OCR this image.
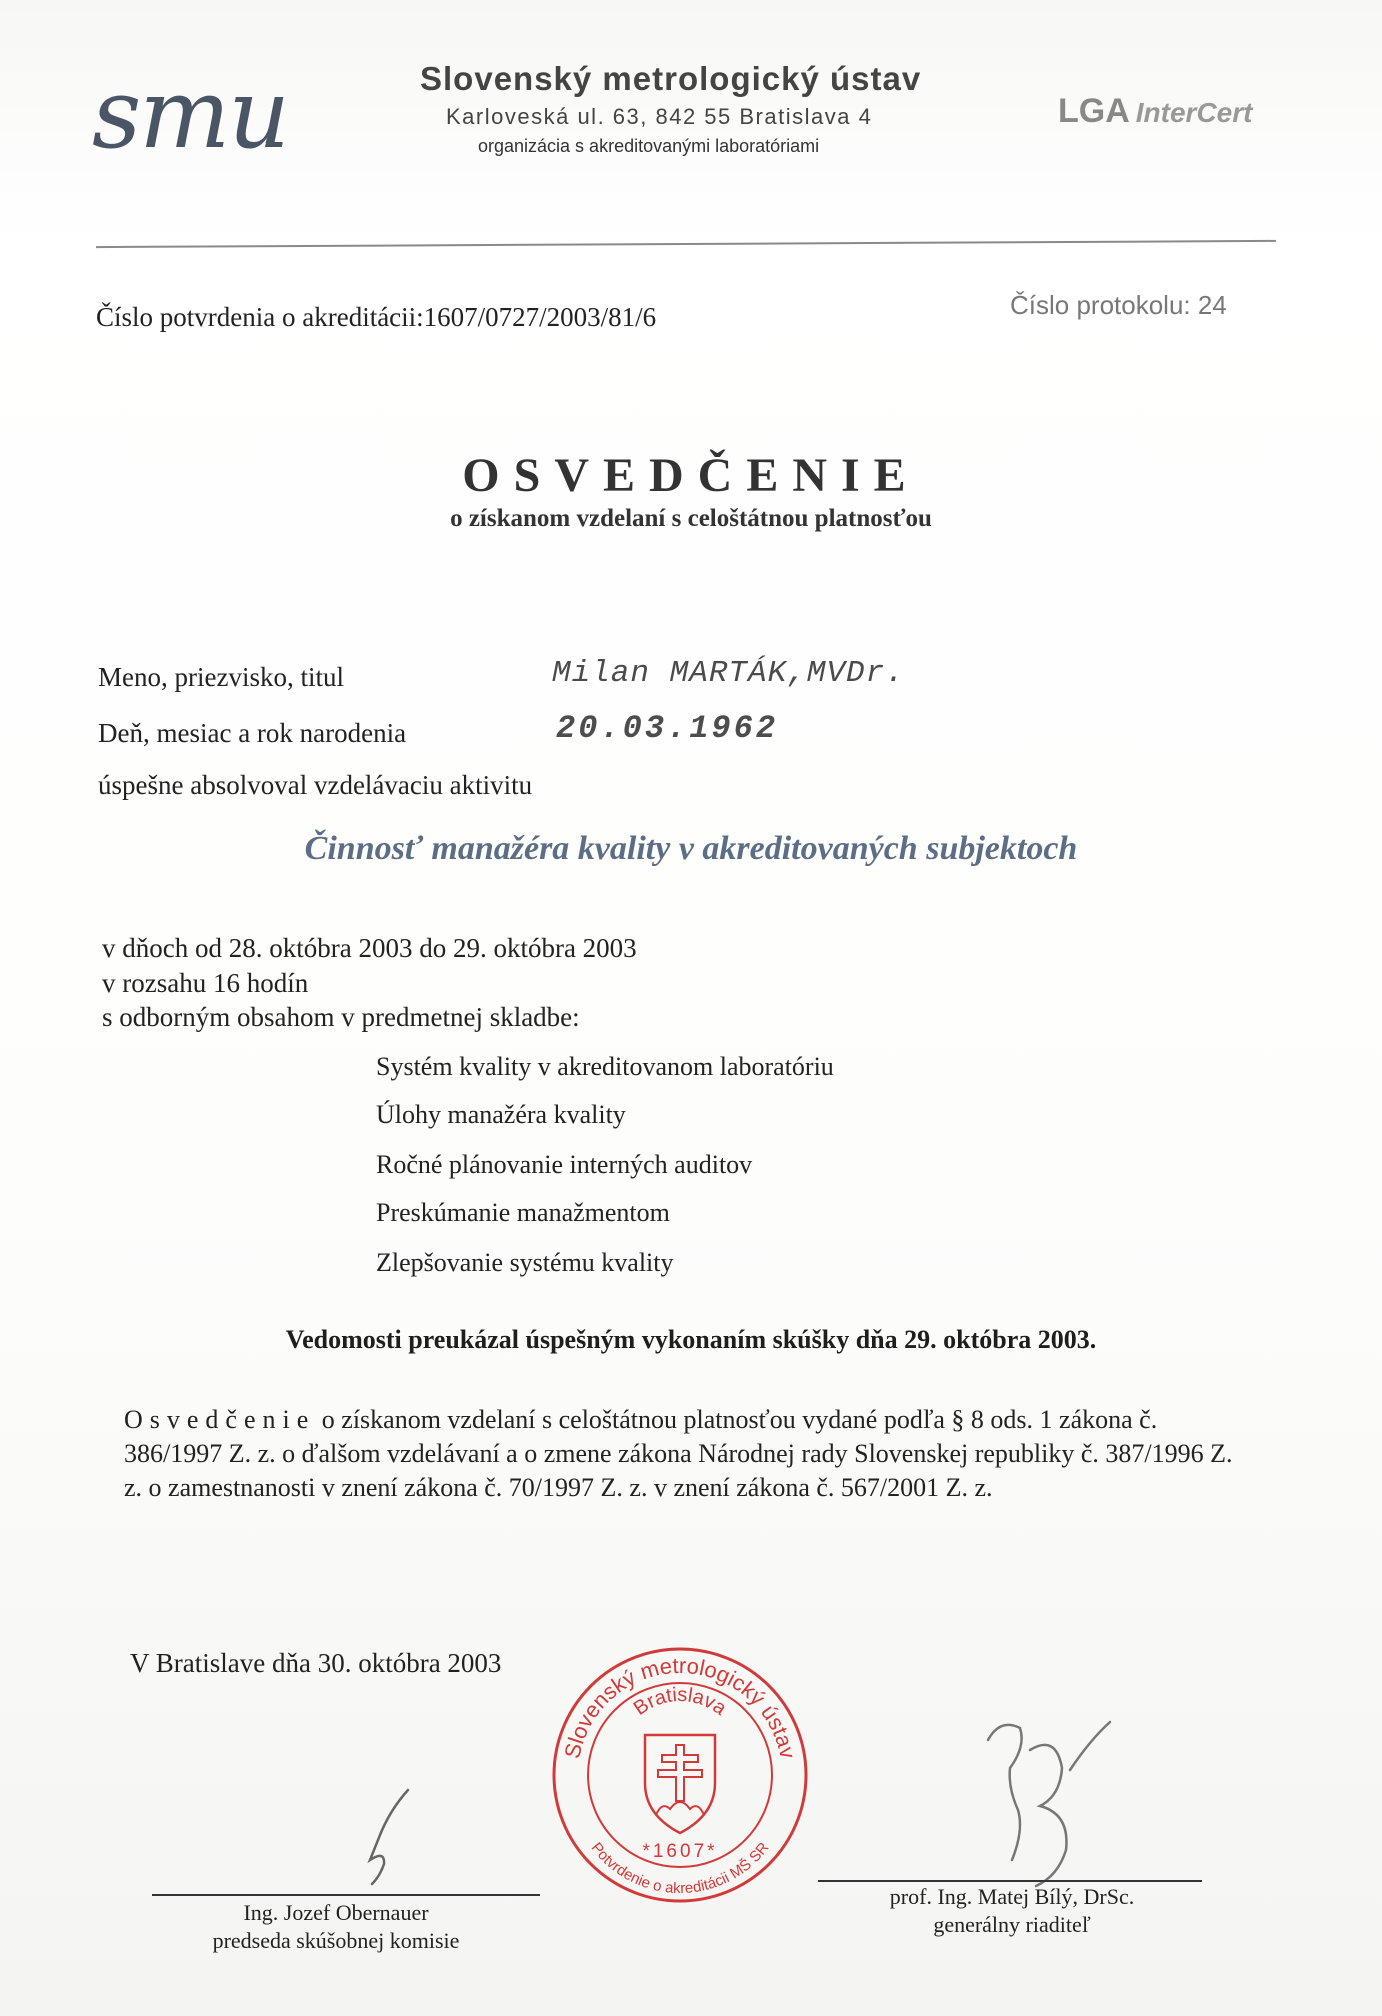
smu	Slovenský metrologický ústav
Karloveská ul. 63, 842 55 Bratislava 4
organizácia s akreditovanými laboratóriami
LGA InterCert
Číslo potvrdenia o akreditácii:1607/0727/2003/81/6	Číslo protokolu: 24
OSVEDČENIE
o získanom vzdelaní s celoštátnou platnosťou
Meno, priezvisko, titul	Milan MARTÁK,MVDr.
Deň, mesiac a rok narodenia	20.03.1962
úspešne absolvoval vzdelávaciu aktivitu
Činnosť manažéra kvality v akreditovaných subjektoch
v dňoch od 28. októbra 2003 do 29. októbra 2003
v rozsahu 16 hodín
s odborným obsahom v predmetnej skladbe:
Systém kvality v akreditovanom laboratóriu
Úlohy manažéra kvality
Ročné plánovanie interných auditov
Preskúmanie manažmentom
Zlepšovanie systému kvality
Vedomosti preukázal úspešným vykonaním skúšky dňa 29. októbra 2003.
Osvedčenie o získanom vzdelaní s celoštátnou platnosťou vydané podľa § 8 ods. 1 zákona č. 386/1997 Z. z. o ďalšom vzdelávaní a o zmene zákona Národnej rady Slovenskej republiky č. 387/1996 Z. z. o zamestnanosti v znení zákona č. 70/1997 Z. z. v znení zákona č. 567/2001 Z. z.
V Bratislave dňa 30. októbra 2003
Slovenský metrologický ústav
Bratislava
Potvrdenie o akreditácii MŠ SR
*1607*
Ing. Jozef Obernauer
predseda skúšobnej komisie
prof. Ing. Matej Bílý, DrSc.
generálny riaditeľ
